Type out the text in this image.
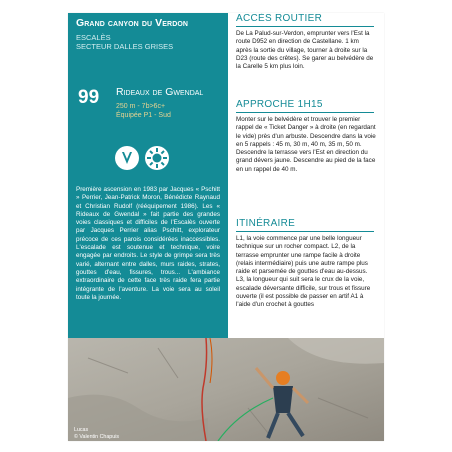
Grand canyon du Verdon
ESCALÈS
SECTEUR DALLES GRISES
99 Rideaux de Gwendal
250 m - 7b>6c+
Équipée P1 - Sud
Première ascension en 1983 par Jacques « Pschitt » Perrier, Jean-Patrick Moron, Bénédicte Raynaud et Christian Rudolf (rééquipement 1986). Les « Rideaux de Gwendal » fait partie des grandes voies classiques et difficiles de l'Escalès ouverte par Jacques Perrier alias Pschitt, explorateur précoce de ces parois considérées inaccessibles. L'escalade est soutenue et technique, voire engagée par endroits. Le style de grimpe sera très varié, alternant entre dalles, murs raides, strates, gouttes d'eau, fissures, trous... L'ambiance extraordinaire de cette face très raide fera partie intégrante de l'aventure. La voie sera au soleil toute la journée.
ACCÈS ROUTIER
De La Palud-sur-Verdon, emprunter vers l'Est la route D952 en direction de Castellane. 1 km après la sortie du village, tourner à droite sur la D23 (route des crêtes). Se garer au belvédère de la Carelle 5 km plus loin.
APPROCHE 1H15
Monter sur le belvédère et trouver le premier rappel de « Ticket Danger » à droite (en regardant le vide) près d'un arbuste. Descendre dans la voie en 5 rappels : 45 m, 30 m, 40 m, 35 m, 50 m. Descendre la terrasse vers l'Est en direction du grand dévers jaune. Descendre au pied de la face en un rappel de 40 m.
ITINÉRAIRE
L1, la voie commence par une belle longueur technique sur un rocher compact. L2, de la terrasse emprunter une rampe facile à droite (relais intermédiaire) puis une autre rampe plus raide et parsemée de gouttes d'eau au-dessus. L3, la longueur qui suit sera le crux de la voie, escalade déversante difficile, sur trous et fissure ouverte (il est possible de passer en artif A1 à l'aide d'un crochet à gouttes
Lucas
© Valentin Chapuis
